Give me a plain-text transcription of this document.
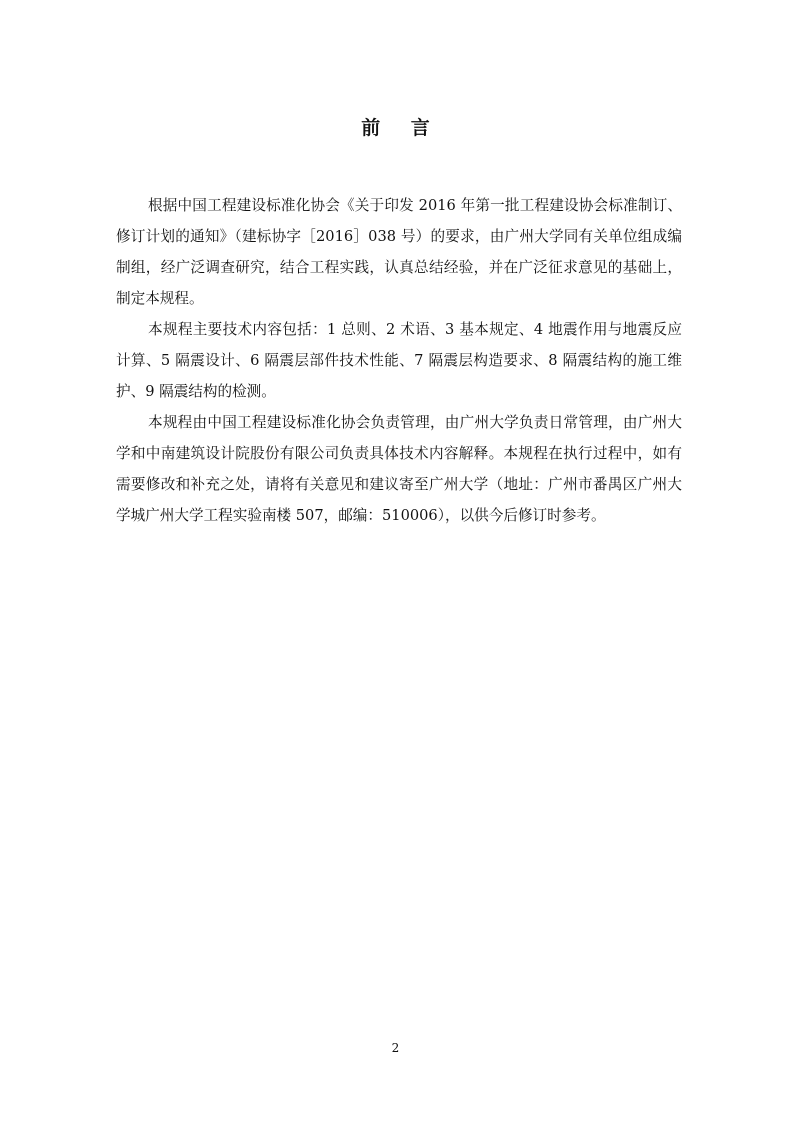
前 言

根据中国工程建设标准化协会《关于印发 2016 年第一批工程建设协会标准制订、修订计划的通知》（建标协字［2016］038 号）的要求，由广州大学同有关单位组成编制组，经广泛调查研究，结合工程实践，认真总结经验，并在广泛征求意见的基础上，制定本规程。

本规程主要技术内容包括：1 总则、2 术语、3 基本规定、4 地震作用与地震反应计算、5 隔震设计、6 隔震层部件技术性能、7 隔震层构造要求、8 隔震结构的施工维护、9 隔震结构的检测。

本规程由中国工程建设标准化协会负责管理，由广州大学负责日常管理，由广州大学和中南建筑设计院股份有限公司负责具体技术内容解释。本规程在执行过程中，如有需要修改和补充之处，请将有关意见和建议寄至广州大学（地址：广州市番禺区广州大学城广州大学工程实验南楼 507，邮编：510006），以供今后修订时参考。

2
